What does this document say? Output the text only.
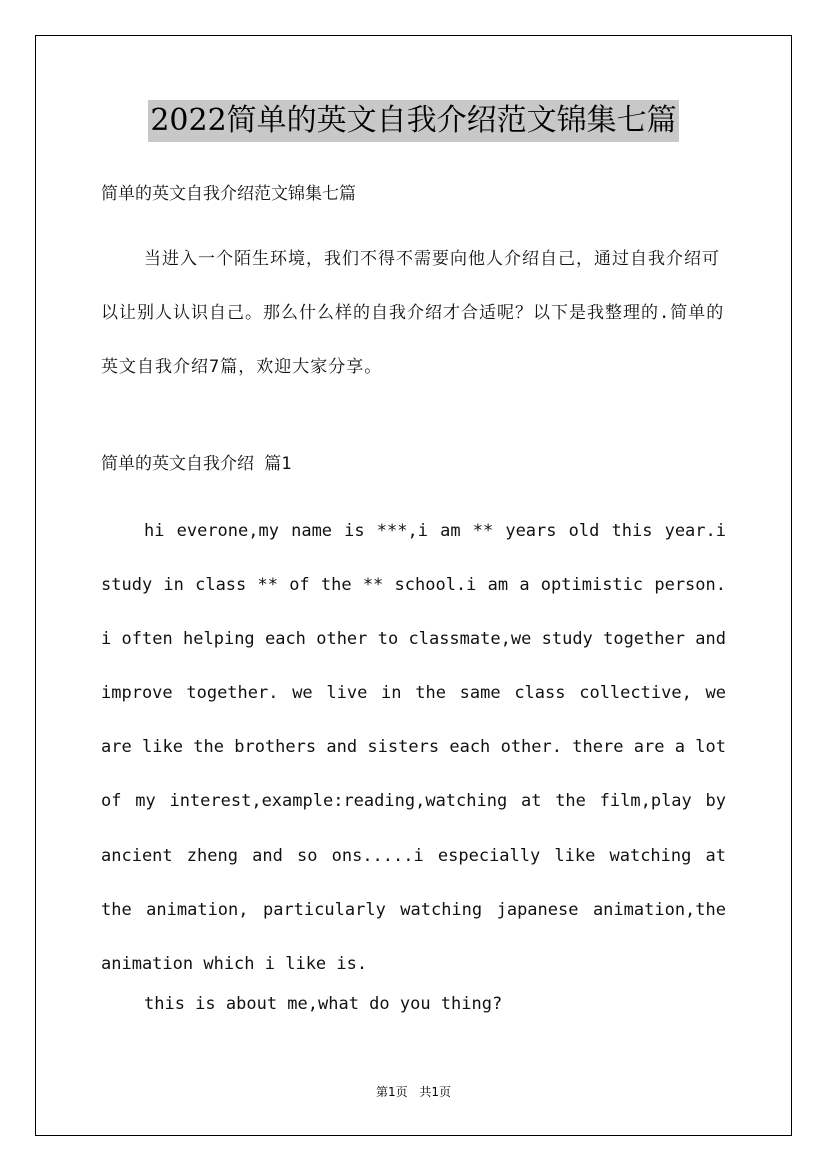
2022简单的英文自我介绍范文锦集七篇
简单的英文自我介绍范文锦集七篇
当进入一个陌生环境，我们不得不需要向他人介绍自己，通过自我介绍可以让别人认识自己。那么什么样的自我介绍才合适呢？以下是我整理的.简单的英文自我介绍7篇，欢迎大家分享。
简单的英文自我介绍 篇1
hi everone,my name is ***,i am ** years old this year.i study in class ** of the ** school.i am a optimistic person. i often helping each other to classmate,we study together and improve together. we live in the same class collective, we are like the brothers and sisters each other. there are a lot of my interest,example:reading,watching at the film,play by ancient zheng and so ons.....i especially like watching at the animation, particularly watching japanese animation,the animation which i like is.
this is about me,what do you thing?
第1页 共1页
